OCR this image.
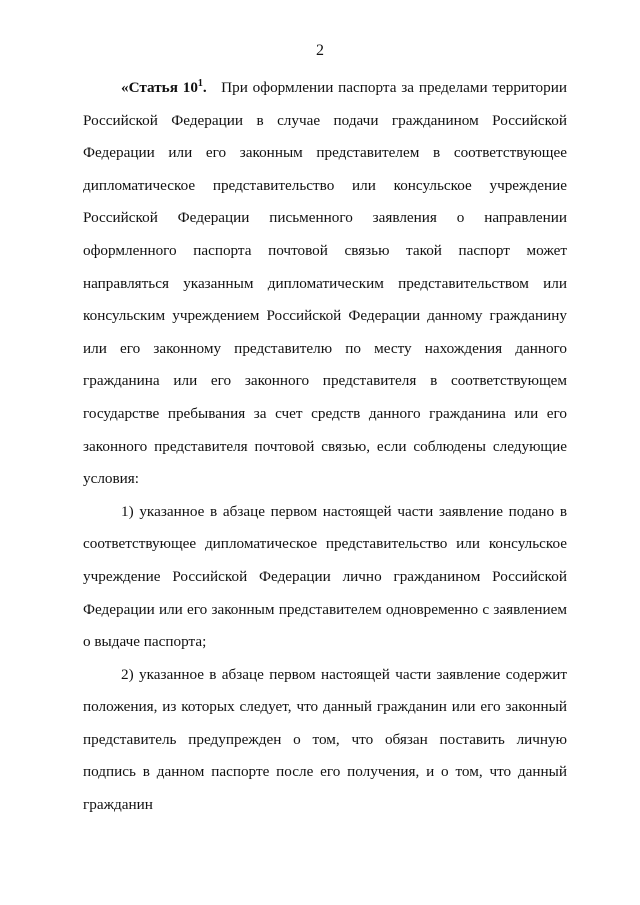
2

«Статья $10^1$. При оформлении паспорта за пределами территории Российской Федерации в случае подачи гражданином Российской Федерации или его законным представителем в соответствующее дипломатическое представительство или консульское учреждение Российской Федерации письменного заявления о направлении оформленного паспорта почтовой связью такой паспорт может направляться указанным дипломатическим представительством или консульским учреждением Российской Федерации данному гражданину или его законному представителю по месту нахождения данного гражданина или его законного представителя в соответствующем государстве пребывания за счет средств данного гражданина или его законного представителя почтовой связью, если соблюдены следующие условия:

1) указанное в абзаце первом настоящей части заявление подано в соответствующее дипломатическое представительство или консульское учреждение Российской Федерации лично гражданином Российской Федерации или его законным представителем одновременно с заявлением о выдаче паспорта;

2) указанное в абзаце первом настоящей части заявление содержит положения, из которых следует, что данный гражданин или его законный представитель предупрежден о том, что обязан поставить личную подпись в данном паспорте после его получения, и о том, что данный гражданин
